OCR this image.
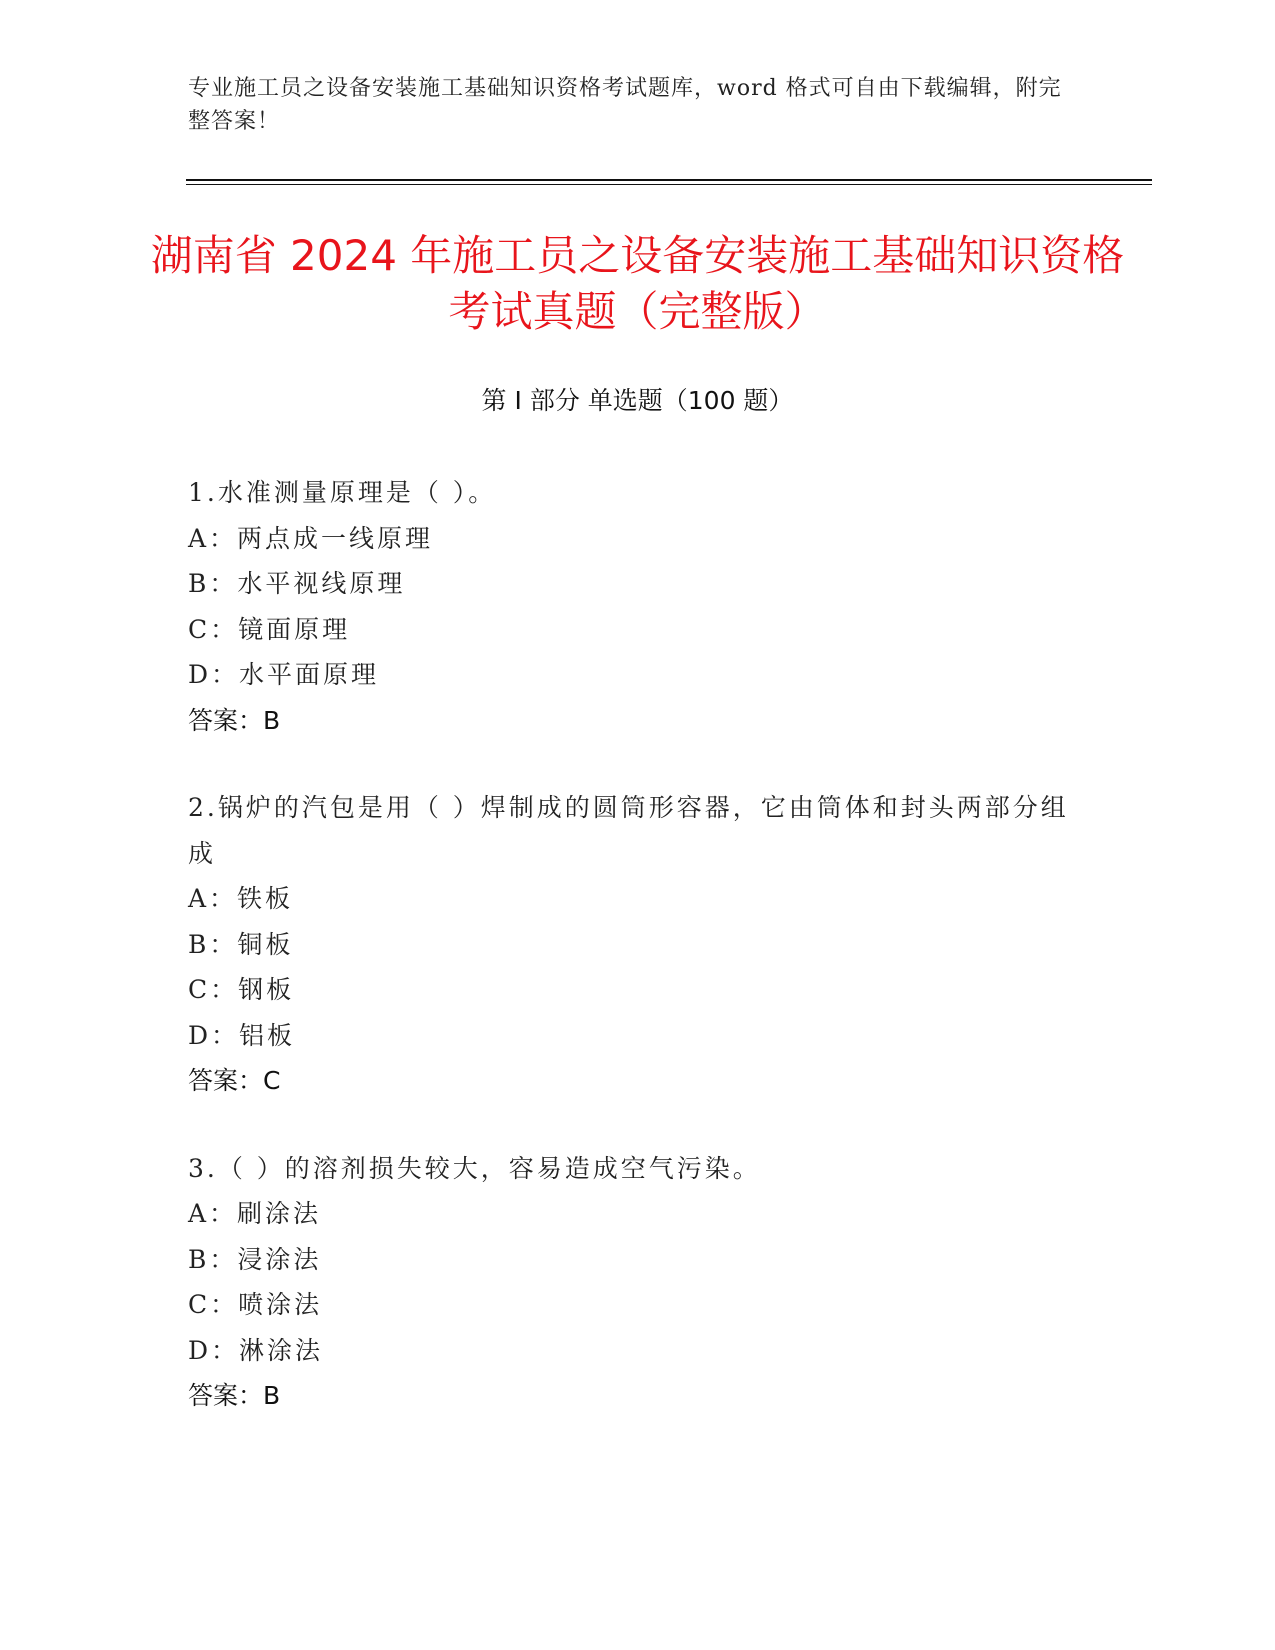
专业施工员之设备安装施工基础知识资格考试题库，word 格式可自由下载编辑，附完整答案！
湖南省 2024 年施工员之设备安装施工基础知识资格考试真题（完整版）
第 I 部分 单选题（100 题）
1.水准测量原理是（ ）。
A：两点成一线原理
B：水平视线原理
C：镜面原理
D：水平面原理
答案：B
2.锅炉的汽包是用（ ）焊制成的圆筒形容器，它由筒体和封头两部分组成
A：铁板
B：铜板
C：钢板
D：铝板
答案：C
3.（ ）的溶剂损失较大，容易造成空气污染。
A：刷涂法
B：浸涂法
C：喷涂法
D：淋涂法
答案：B
